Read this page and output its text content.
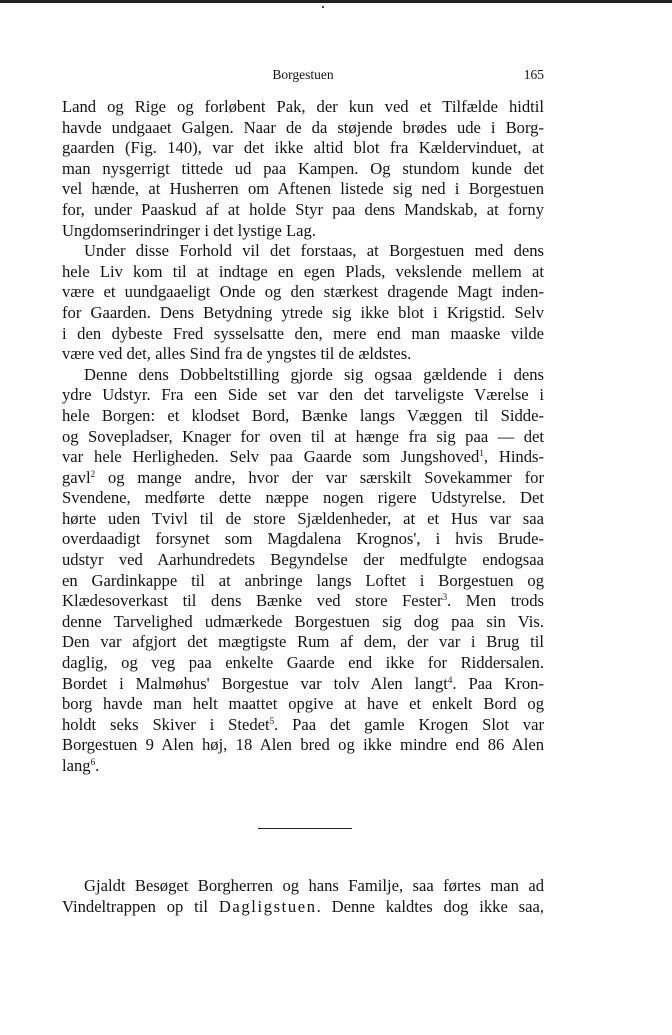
Borgestuen	165
Land og Rige og forløbent Pak, der kun ved et Tilfælde hidtil
havde undgaaet Galgen. Naar de da støjende brødes ude i Borg-
gaarden (Fig. 140), var det ikke altid blot fra Kældervinduet, at
man nysgerrigt tittede ud paa Kampen. Og stundom kunde det
vel hænde, at Husherren om Aftenen listede sig ned i Borgestuen
for, under Paaskud af at holde Styr paa dens Mandskab, at forny
Ungdomserindringer i det lystige Lag.
Under disse Forhold vil det forstaas, at Borgestuen med dens
hele Liv kom til at indtage en egen Plads, vekslende mellem at
være et uundgaaeligt Onde og den stærkest dragende Magt inden-
for Gaarden. Dens Betydning ytrede sig ikke blot i Krigstid. Selv
i den dybeste Fred sysselsatte den, mere end man maaske vilde
være ved det, alles Sind fra de yngstes til de ældstes.
Denne dens Dobbeltstilling gjorde sig ogsaa gældende i dens
ydre Udstyr. Fra een Side set var den det tarveligste Værelse i
hele Borgen: et klodset Bord, Bænke langs Væggen til Sidde-
og Sovepladser, Knager for oven til at hænge fra sig paa — det
var hele Herligheden. Selv paa Gaarde som Jungshoved$^1$, Hinds-
gavl$^2$ og mange andre, hvor der var særskilt Sovekammer for
Svendene, medførte dette næppe nogen rigere Udstyrelse. Det
hørte uden Tvivl til de store Sjældenheder, at et Hus var saa
overdaadigt forsynet som Magdalena Krognos', i hvis Brude-
udstyr ved Aarhundredets Begyndelse der medfulgte endogsaa
en Gardinkappe til at anbringe langs Loftet i Borgestuen og
Klædesoverkast til dens Bænke ved store Fester$^3$. Men trods
denne Tarvelighed udmærkede Borgestuen sig dog paa sin Vis.
Den var afgjort det mægtigste Rum af dem, der var i Brug til
daglig, og veg paa enkelte Gaarde end ikke for Riddersalen.
Bordet i Malmøhus' Borgestue var tolv Alen langt$^4$. Paa Kron-
borg havde man helt maattet opgive at have et enkelt Bord og
holdt seks Skiver i Stedet$^5$. Paa det gamle Krogen Slot var
Borgestuen 9 Alen høj, 18 Alen bred og ikke mindre end 86 Alen
lang$^6$.
Gjaldt Besøget Borgherren og hans Familje, saa førtes man ad
Vindeltrappen op til Dagligstuen. Denne kaldtes dog ikke saa,
